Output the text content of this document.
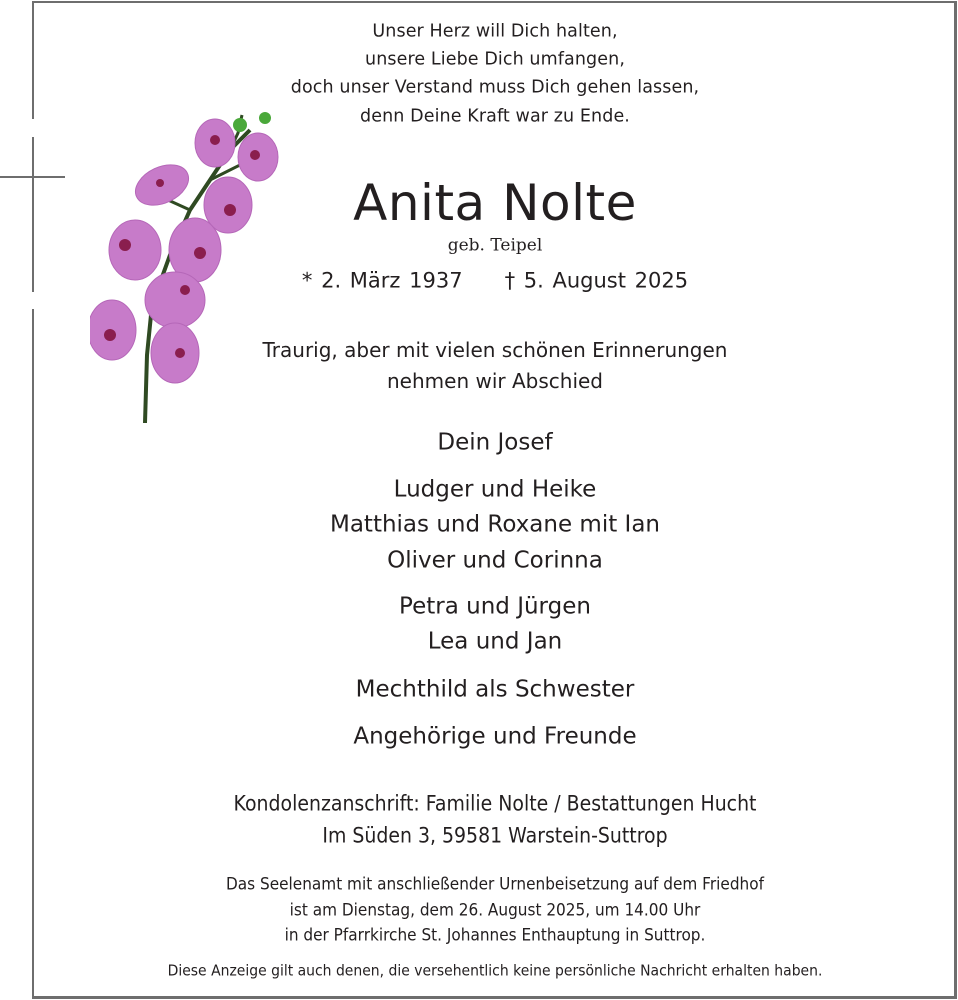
Unser Herz will Dich halten,
unsere Liebe Dich umfangen,
doch unser Verstand muss Dich gehen lassen,
denn Deine Kraft war zu Ende.
Anita Nolte
geb. Teipel
* 2. März 1937 † 5. August 2025
Traurig, aber mit vielen schönen Erinnerungen
nehmen wir Abschied
Dein Josef
Ludger und Heike
Matthias und Roxane mit Ian
Oliver und Corinna
Petra und Jürgen
Lea und Jan
Mechthild als Schwester
Angehörige und Freunde
Kondolenzanschrift: Familie Nolte / Bestattungen Hucht
Im Süden 3, 59581 Warstein-Suttrop
Das Seelenamt mit anschließender Urnenbeisetzung auf dem Friedhof
ist am Dienstag, dem 26. August 2025, um 14.00 Uhr
in der Pfarrkirche St. Johannes Enthauptung in Suttrop.
Diese Anzeige gilt auch denen, die versehentlich keine persönliche Nachricht erhalten haben.
